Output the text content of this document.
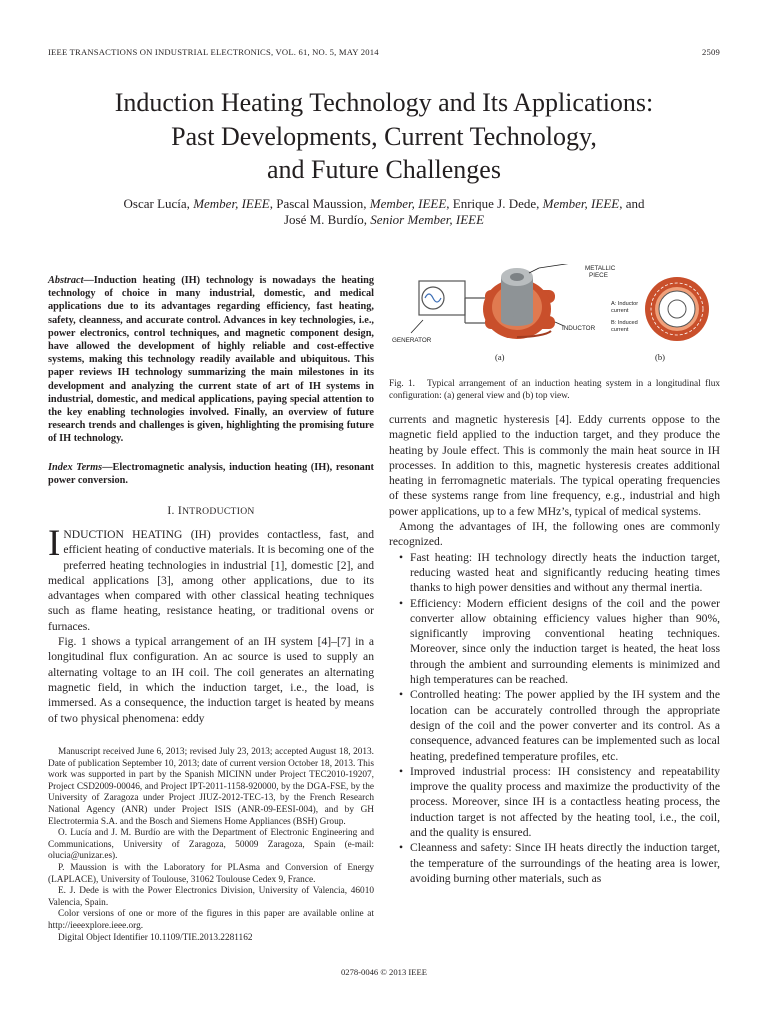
IEEE TRANSACTIONS ON INDUSTRIAL ELECTRONICS, VOL. 61, NO. 5, MAY 2014	2509
Induction Heating Technology and Its Applications:
Past Developments, Current Technology,
and Future Challenges
Oscar Lucía, Member, IEEE, Pascal Maussion, Member, IEEE, Enrique J. Dede, Member, IEEE, and
José M. Burdío, Senior Member, IEEE
Abstract—Induction heating (IH) technology is nowadays the heating technology of choice in many industrial, domestic, and medical applications due to its advantages regarding efficiency, fast heating, safety, cleanness, and accurate control. Advances in key technologies, i.e., power electronics, control techniques, and magnetic component design, have allowed the development of highly reliable and cost-effective systems, making this technology readily available and ubiquitous. This paper reviews IH technology summarizing the main milestones in its development and analyzing the current state of art of IH systems in industrial, domestic, and medical applications, paying special attention to the key enabling technologies involved. Finally, an overview of future research trends and challenges is given, highlighting the promising future of IH technology.
Index Terms—Electromagnetic analysis, induction heating (IH), resonant power conversion.
I. INTRODUCTION

INDUCTION HEATING (IH) provides contactless, fast, and efficient heating of conductive materials. It is becoming one of the preferred heating technologies in industrial [1], domestic [2], and medical applications [3], among other applications, due to its advantages when compared with other classical heating techniques such as flame heating, resistance heating, or traditional ovens or furnaces.

Fig. 1 shows a typical arrangement of an IH system [4]–[7] in a longitudinal flux configuration. An ac source is used to supply an alternating voltage to an IH coil. The coil generates an alternating magnetic field, in which the induction target, i.e., the load, is immersed. As a consequence, the induction target is heated by means of two physical phenomena: eddy

Manuscript received June 6, 2013; revised July 23, 2013; accepted August 18, 2013. Date of publication September 10, 2013; date of current version October 18, 2013. This work was supported in part by the Spanish MICINN under Project TEC2010-19207, Project CSD2009-00046, and Project IPT-2011-1158-920000, by the DGA-FSE, by the University of Zaragoza under Project JIUZ-2012-TEC-13, by the French Research National Agency (ANR) under Project ISIS (ANR-09-EESI-004), and by GH Electrotermia S.A. and the Bosch and Siemens Home Appliances (BSH) Group.

O. Lucía and J. M. Burdío are with the Department of Electronic Engineering and Communications, University of Zaragoza, 50009 Zaragoza, Spain (e-mail: olucia@unizar.es).

P. Maussion is with the Laboratory for PLAsma and Conversion of Energy (LAPLACE), University of Toulouse, 31062 Toulouse Cedex 9, France.

E. J. Dede is with the Power Electronics Division, University of Valencia, 46010 Valencia, Spain.

Color versions of one or more of the figures in this paper are available online at http://ieeexplore.ieee.org.

Digital Object Identifier 10.1109/TIE.2013.2281162

METALLIC
PIECE
INDUCTOR
GENERATOR
(a)
A: Inductor
current
B: Induced
current
(b)
Fig. 1. Typical arrangement of an induction heating system in a longitudinal flux configuration: (a) general view and (b) top view.

currents and magnetic hysteresis [4]. Eddy currents oppose to the magnetic field applied to the induction target, and they produce the heating by Joule effect. This is commonly the main heat source in IH processes. In addition to this, magnetic hysteresis creates additional heating in ferromagnetic materials. The typical operating frequencies of these systems range from line frequency, e.g., industrial and high power applications, up to a few MHz’s, typical of medical systems.

Among the advantages of IH, the following ones are commonly recognized.

• Fast heating: IH technology directly heats the induction target, reducing wasted heat and significantly reducing heating times thanks to high power densities and without any thermal inertia.
• Efficiency: Modern efficient designs of the coil and the power converter allow obtaining efficiency values higher than 90%, significantly improving conventional heating techniques. Moreover, since only the induction target is heated, the heat loss through the ambient and surrounding elements is minimized and high temperatures can be reached.
• Controlled heating: The power applied by the IH system and the location can be accurately controlled through the appropriate design of the coil and the power converter and its control. As a consequence, advanced features can be implemented such as local heating, predefined temperature profiles, etc.
• Improved industrial process: IH consistency and repeatability improve the quality process and maximize the productivity of the process. Moreover, since IH is a contactless heating process, the induction target is not affected by the heating tool, i.e., the coil, and the quality is ensured.
• Cleanness and safety: Since IH heats directly the induction target, the temperature of the surroundings of the heating area is lower, avoiding burning other materials, such as
0278-0046 © 2013 IEEE
